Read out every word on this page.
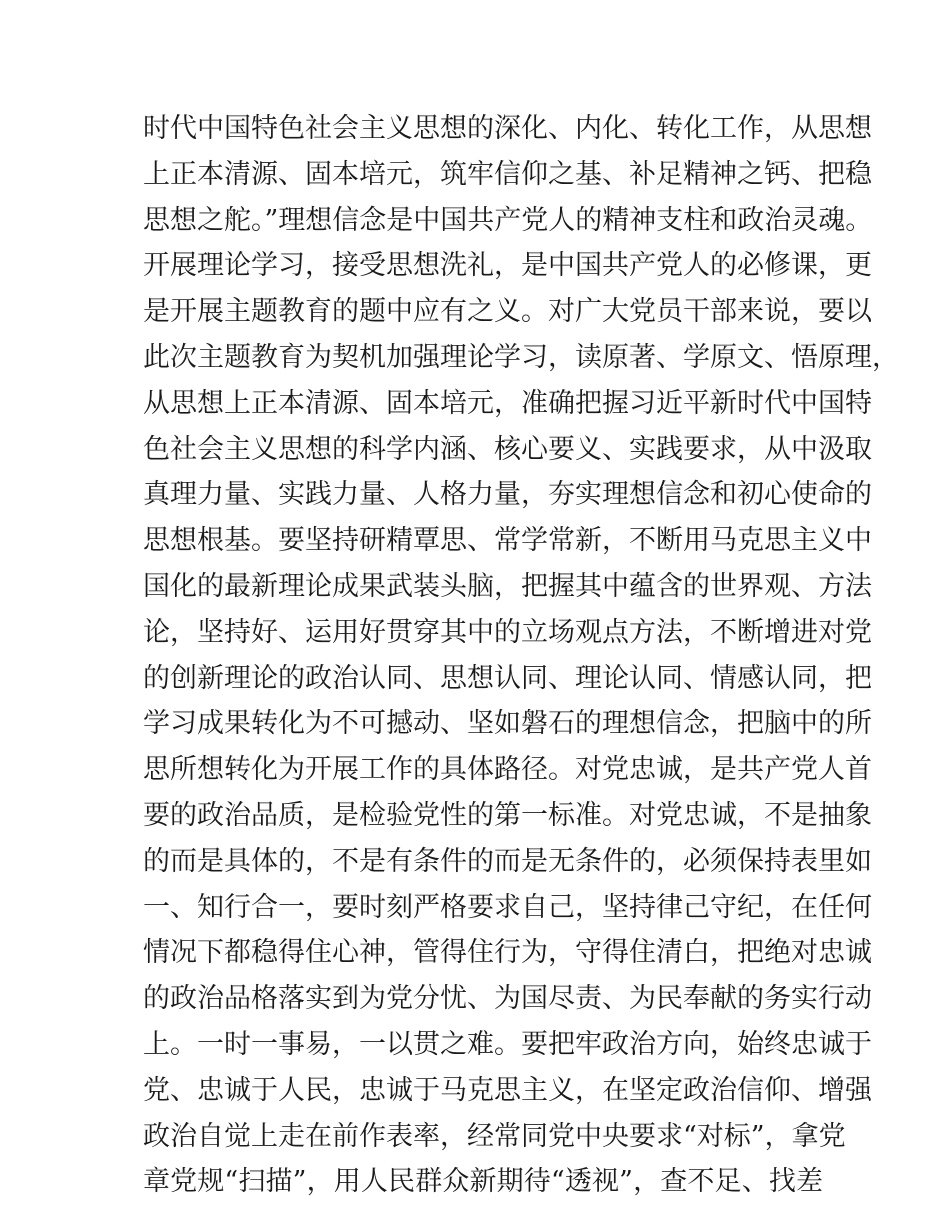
时代中国特色社会主义思想的深化、内化、转化工作，从思想
上正本清源、固本培元，筑牢信仰之基、补足精神之钙、把稳
思想之舵。”理想信念是中国共产党人的精神支柱和政治灵魂。
开展理论学习，接受思想洗礼，是中国共产党人的必修课，更
是开展主题教育的题中应有之义。对广大党员干部来说，要以
此次主题教育为契机加强理论学习，读原著、学原文、悟原理，
从思想上正本清源、固本培元，准确把握习近平新时代中国特
色社会主义思想的科学内涵、核心要义、实践要求，从中汲取
真理力量、实践力量、人格力量，夯实理想信念和初心使命的
思想根基。要坚持研精覃思、常学常新，不断用马克思主义中
国化的最新理论成果武装头脑，把握其中蕴含的世界观、方法
论，坚持好、运用好贯穿其中的立场观点方法，不断增进对党
的创新理论的政治认同、思想认同、理论认同、情感认同，把
学习成果转化为不可撼动、坚如磐石的理想信念，把脑中的所
思所想转化为开展工作的具体路径。对党忠诚，是共产党人首
要的政治品质，是检验党性的第一标准。对党忠诚，不是抽象
的而是具体的，不是有条件的而是无条件的，必须保持表里如
一、知行合一，要时刻严格要求自己，坚持律己守纪，在任何
情况下都稳得住心神，管得住行为，守得住清白，把绝对忠诚
的政治品格落实到为党分忧、为国尽责、为民奉献的务实行动
上。一时一事易，一以贯之难。要把牢政治方向，始终忠诚于
党、忠诚于人民，忠诚于马克思主义，在坚定政治信仰、增强
政治自觉上走在前作表率，经常同党中央要求“对标”，拿党
章党规“扫描”，用人民群众新期待“透视”，查不足、找差
